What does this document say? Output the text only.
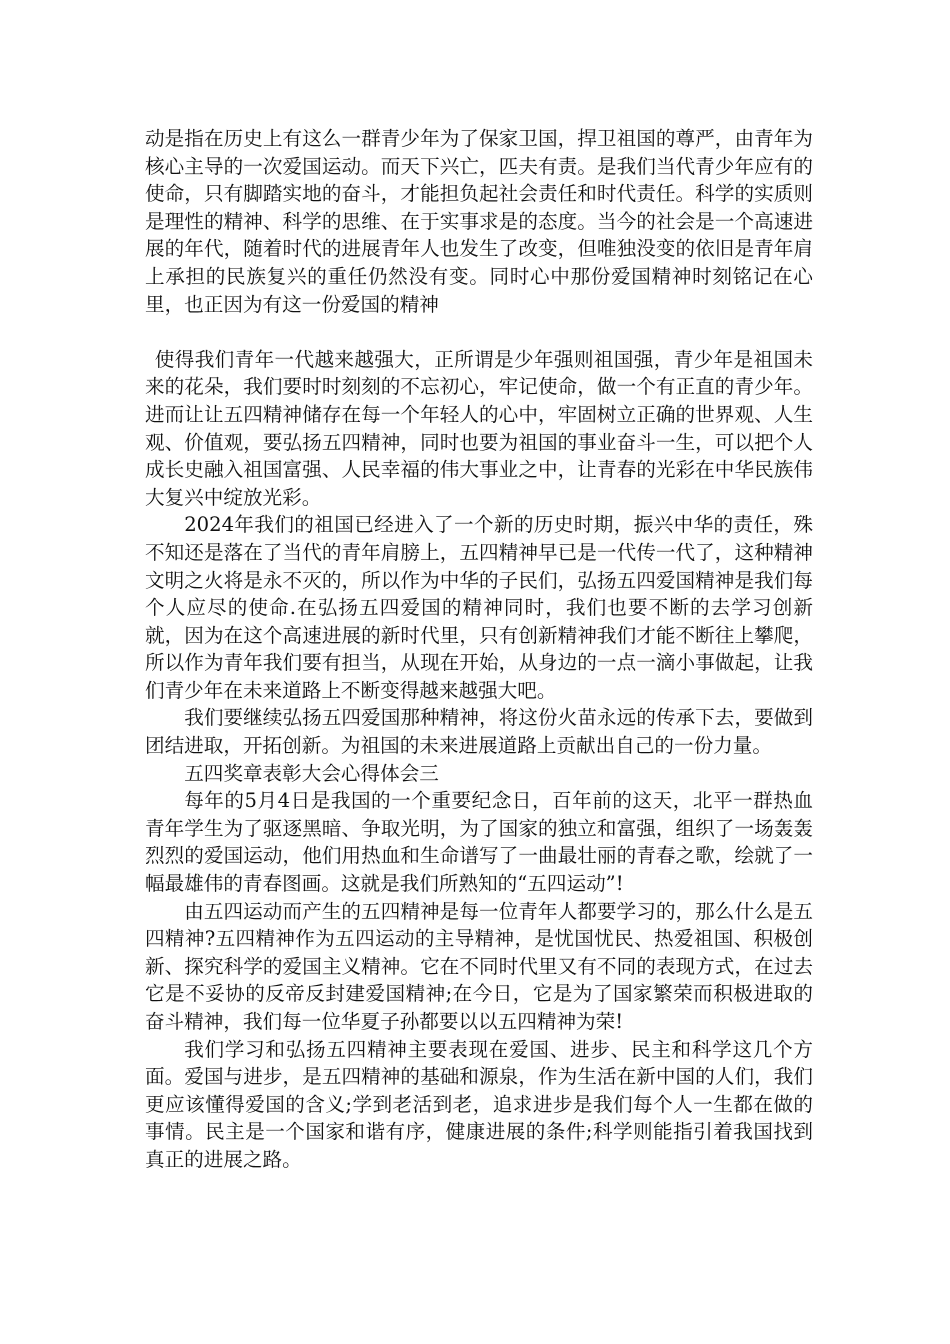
动是指在历史上有这么一群青少年为了保家卫国，捍卫祖国的尊严，由青年为核心主导的一次爱国运动。而天下兴亡，匹夫有责。是我们当代青少年应有的使命，只有脚踏实地的奋斗，才能担负起社会责任和时代责任。科学的实质则是理性的精神、科学的思维、在于实事求是的态度。当今的社会是一个高速进展的年代，随着时代的进展青年人也发生了改变，但唯独没变的依旧是青年肩上承担的民族复兴的重任仍然没有变。同时心中那份爱国精神时刻铭记在心里，也正因为有这一份爱国的精神

使得我们青年一代越来越强大，正所谓是少年强则祖国强，青少年是祖国未来的花朵，我们要时时刻刻的不忘初心，牢记使命，做一个有正直的青少年。进而让让五四精神储存在每一个年轻人的心中，牢固树立正确的世界观、人生观、价值观，要弘扬五四精神，同时也要为祖国的事业奋斗一生，可以把个人成长史融入祖国富强、人民幸福的伟大事业之中，让青春的光彩在中华民族伟大复兴中绽放光彩。

2024年我们的祖国已经进入了一个新的历史时期，振兴中华的责任，殊不知还是落在了当代的青年肩膀上，五四精神早已是一代传一代了，这种精神文明之火将是永不灭的，所以作为中华的子民们，弘扬五四爱国精神是我们每个人应尽的使命.在弘扬五四爱国的精神同时，我们也要不断的去学习创新就，因为在这个高速进展的新时代里，只有创新精神我们才能不断往上攀爬，所以作为青年我们要有担当，从现在开始，从身边的一点一滴小事做起，让我们青少年在未来道路上不断变得越来越强大吧。

我们要继续弘扬五四爱国那种精神，将这份火苗永远的传承下去，要做到团结进取，开拓创新。为祖国的未来进展道路上贡献出自己的一份力量。

五四奖章表彰大会心得体会三

每年的5月4日是我国的一个重要纪念日，百年前的这天，北平一群热血青年学生为了驱逐黑暗、争取光明，为了国家的独立和富强，组织了一场轰轰烈烈的爱国运动，他们用热血和生命谱写了一曲最壮丽的青春之歌，绘就了一幅最雄伟的青春图画。这就是我们所熟知的“五四运动”!

由五四运动而产生的五四精神是每一位青年人都要学习的，那么什么是五四精神?五四精神作为五四运动的主导精神，是忧国忧民、热爱祖国、积极创新、探究科学的爱国主义精神。它在不同时代里又有不同的表现方式，在过去它是不妥协的反帝反封建爱国精神;在今日，它是为了国家繁荣而积极进取的奋斗精神，我们每一位华夏子孙都要以以五四精神为荣!

我们学习和弘扬五四精神主要表现在爱国、进步、民主和科学这几个方面。爱国与进步，是五四精神的基础和源泉，作为生活在新中国的人们，我们更应该懂得爱国的含义;学到老活到老，追求进步是我们每个人一生都在做的事情。民主是一个国家和谐有序，健康进展的条件;科学则能指引着我国找到真正的进展之路。
